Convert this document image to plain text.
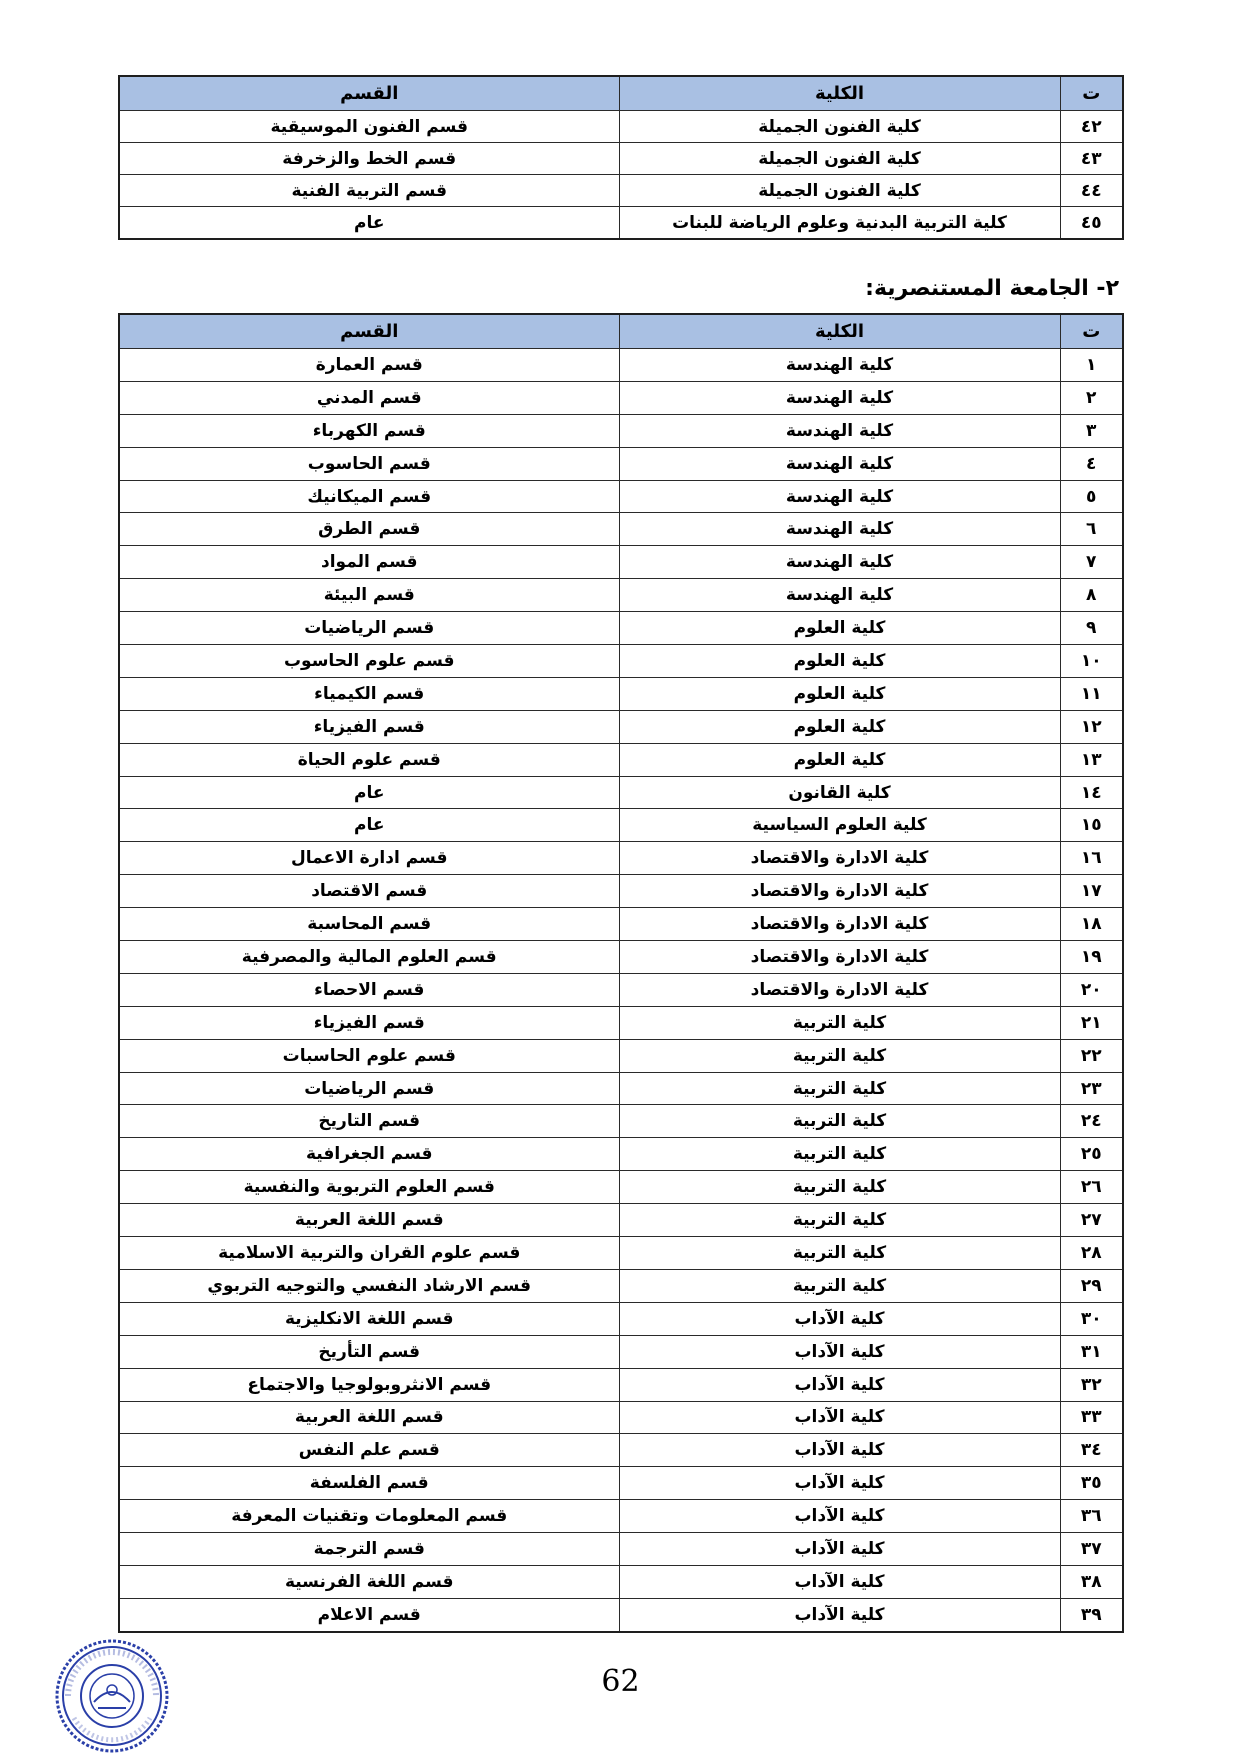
ت	الكلية	القسم
٤٢	كلية الفنون الجميلة	قسم الفنون الموسيقية
٤٣	كلية الفنون الجميلة	قسم الخط والزخرفة
٤٤	كلية الفنون الجميلة	قسم التربية الفنية
٤٥	كلية التربية البدنية وعلوم الرياضة للبنات	عام
٢- الجامعة المستنصرية:
ت	الكلية	القسم
١	كلية الهندسة	قسم العمارة
٢	كلية الهندسة	قسم المدني
٣	كلية الهندسة	قسم الكهرباء
٤	كلية الهندسة	قسم الحاسوب
٥	كلية الهندسة	قسم الميكانيك
٦	كلية الهندسة	قسم الطرق
٧	كلية الهندسة	قسم المواد
٨	كلية الهندسة	قسم البيئة
٩	كلية العلوم	قسم الرياضيات
١٠	كلية العلوم	قسم علوم الحاسوب
١١	كلية العلوم	قسم الكيمياء
١٢	كلية العلوم	قسم الفيزياء
١٣	كلية العلوم	قسم علوم الحياة
١٤	كلية القانون	عام
١٥	كلية العلوم السياسية	عام
١٦	كلية الادارة والاقتصاد	قسم ادارة الاعمال
١٧	كلية الادارة والاقتصاد	قسم الاقتصاد
١٨	كلية الادارة والاقتصاد	قسم المحاسبة
١٩	كلية الادارة والاقتصاد	قسم العلوم المالية والمصرفية
٢٠	كلية الادارة والاقتصاد	قسم الاحصاء
٢١	كلية التربية	قسم الفيزياء
٢٢	كلية التربية	قسم علوم الحاسبات
٢٣	كلية التربية	قسم الرياضيات
٢٤	كلية التربية	قسم التاريخ
٢٥	كلية التربية	قسم الجغرافية
٢٦	كلية التربية	قسم العلوم التربوية والنفسية
٢٧	كلية التربية	قسم اللغة العربية
٢٨	كلية التربية	قسم علوم القران والتربية الاسلامية
٢٩	كلية التربية	قسم الارشاد النفسي والتوجيه التربوي
٣٠	كلية الآداب	قسم اللغة الانكليزية
٣١	كلية الآداب	قسم التأريخ
٣٢	كلية الآداب	قسم الانثروبولوجيا والاجتماع
٣٣	كلية الآداب	قسم اللغة العربية
٣٤	كلية الآداب	قسم علم النفس
٣٥	كلية الآداب	قسم الفلسفة
٣٦	كلية الآداب	قسم المعلومات وتقنيات المعرفة
٣٧	كلية الآداب	قسم الترجمة
٣٨	كلية الآداب	قسم اللغة الفرنسية
٣٩	كلية الآداب	قسم الاعلام
62
